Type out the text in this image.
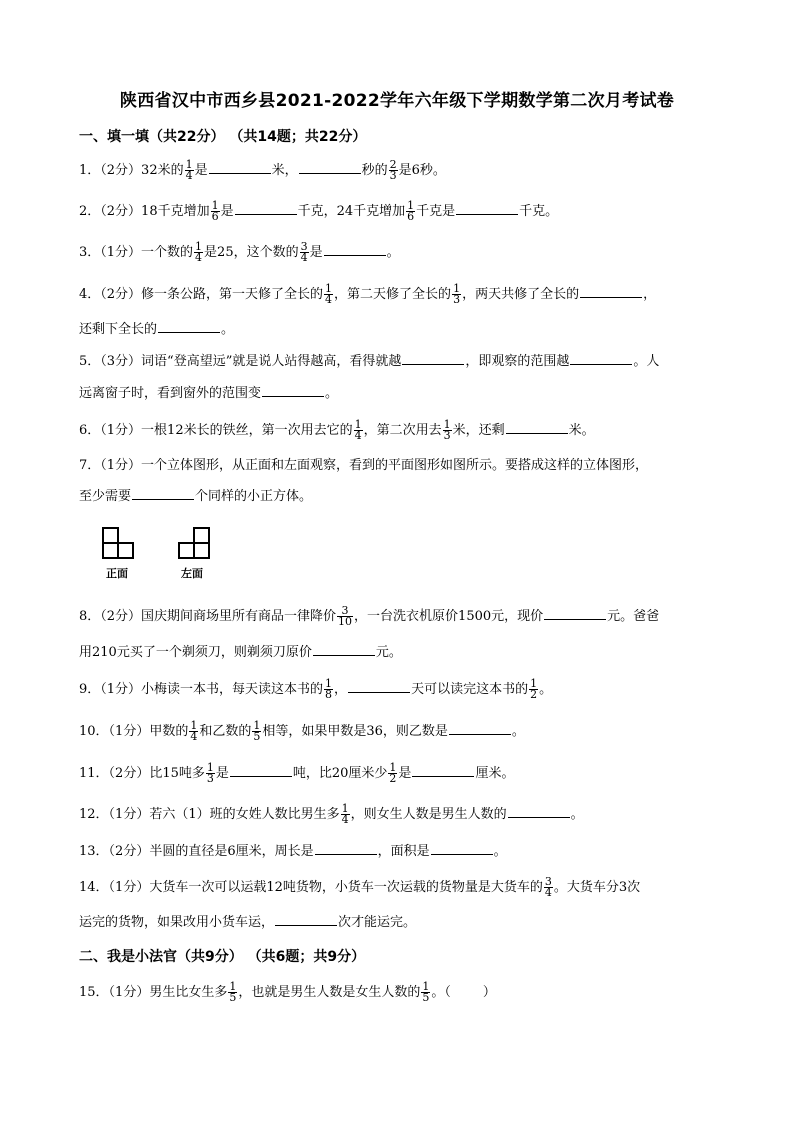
陕西省汉中市西乡县2021-2022学年六年级下学期数学第二次月考试卷
一、填一填（共22分） （共14题；共22分）
1．（2分）32米的 $\frac{1}{4}$ 是	米，	秒的 $\frac{2}{3}$ 是6秒。
2．（2分）18千克增加 $\frac{1}{6}$ 是	千克，24千克增加 $\frac{1}{6}$ 千克是	千克。
3．（1分）一个数的 $\frac{1}{4}$ 是25，这个数的 $\frac{3}{4}$ 是	。
4．（2分）修一条公路，第一天修了全长的 $\frac{1}{4}$ ，第二天修了全长的 $\frac{1}{3}$ ，两天共修了全长的	，
还剩下全长的	。
5．（3分）词语“登高望远”就是说人站得越高，看得就越	，即观察的范围越	。人
远离窗子时，看到窗外的范围变	。
6．（1分）一根12米长的铁丝，第一次用去它的 $\frac{1}{4}$ ，第二次用去 $\frac{1}{3}$ 米，还剩	米。
7．（1分）一个立体图形，从正面和左面观察，看到的平面图形如图所示。要搭成这样的立体图形，
至少需要	个同样的小正方体。
正面	左面
8．（2分）国庆期间商场里所有商品一律降价 $\frac{3}{10}$ ，一台洗衣机原价1500元，现价	元。爸爸
用210元买了一个剃须刀，则剃须刀原价	元。
9．（1分）小梅读一本书，每天读这本书的 $\frac{1}{8}$ ，	天可以读完这本书的 $\frac{1}{2}$ 。
10．（1分）甲数的 $\frac{1}{4}$ 和乙数的 $\frac{1}{5}$ 相等，如果甲数是36，则乙数是	。
11．（2分）比15吨多 $\frac{1}{3}$ 是	吨，比20厘米少 $\frac{1}{2}$ 是	厘米。
12．（1分）若六（1）班的女姓人数比男生多 $\frac{1}{4}$ ，则女生人数是男生人数的	。
13．（2分）半圆的直径是6厘米，周长是	，面积是	。
14．（1分）大货车一次可以运载12吨货物，小货车一次运载的货物量是大货车的 $\frac{3}{4}$ 。大货车分3次
运完的货物，如果改用小货车运，	次才能运完。
二、我是小法官（共9分） （共6题；共9分）
15．（1分）男生比女生多 $\frac{1}{5}$ ，也就是男生人数是女生人数的 $\frac{1}{5}$ 。（ ）
